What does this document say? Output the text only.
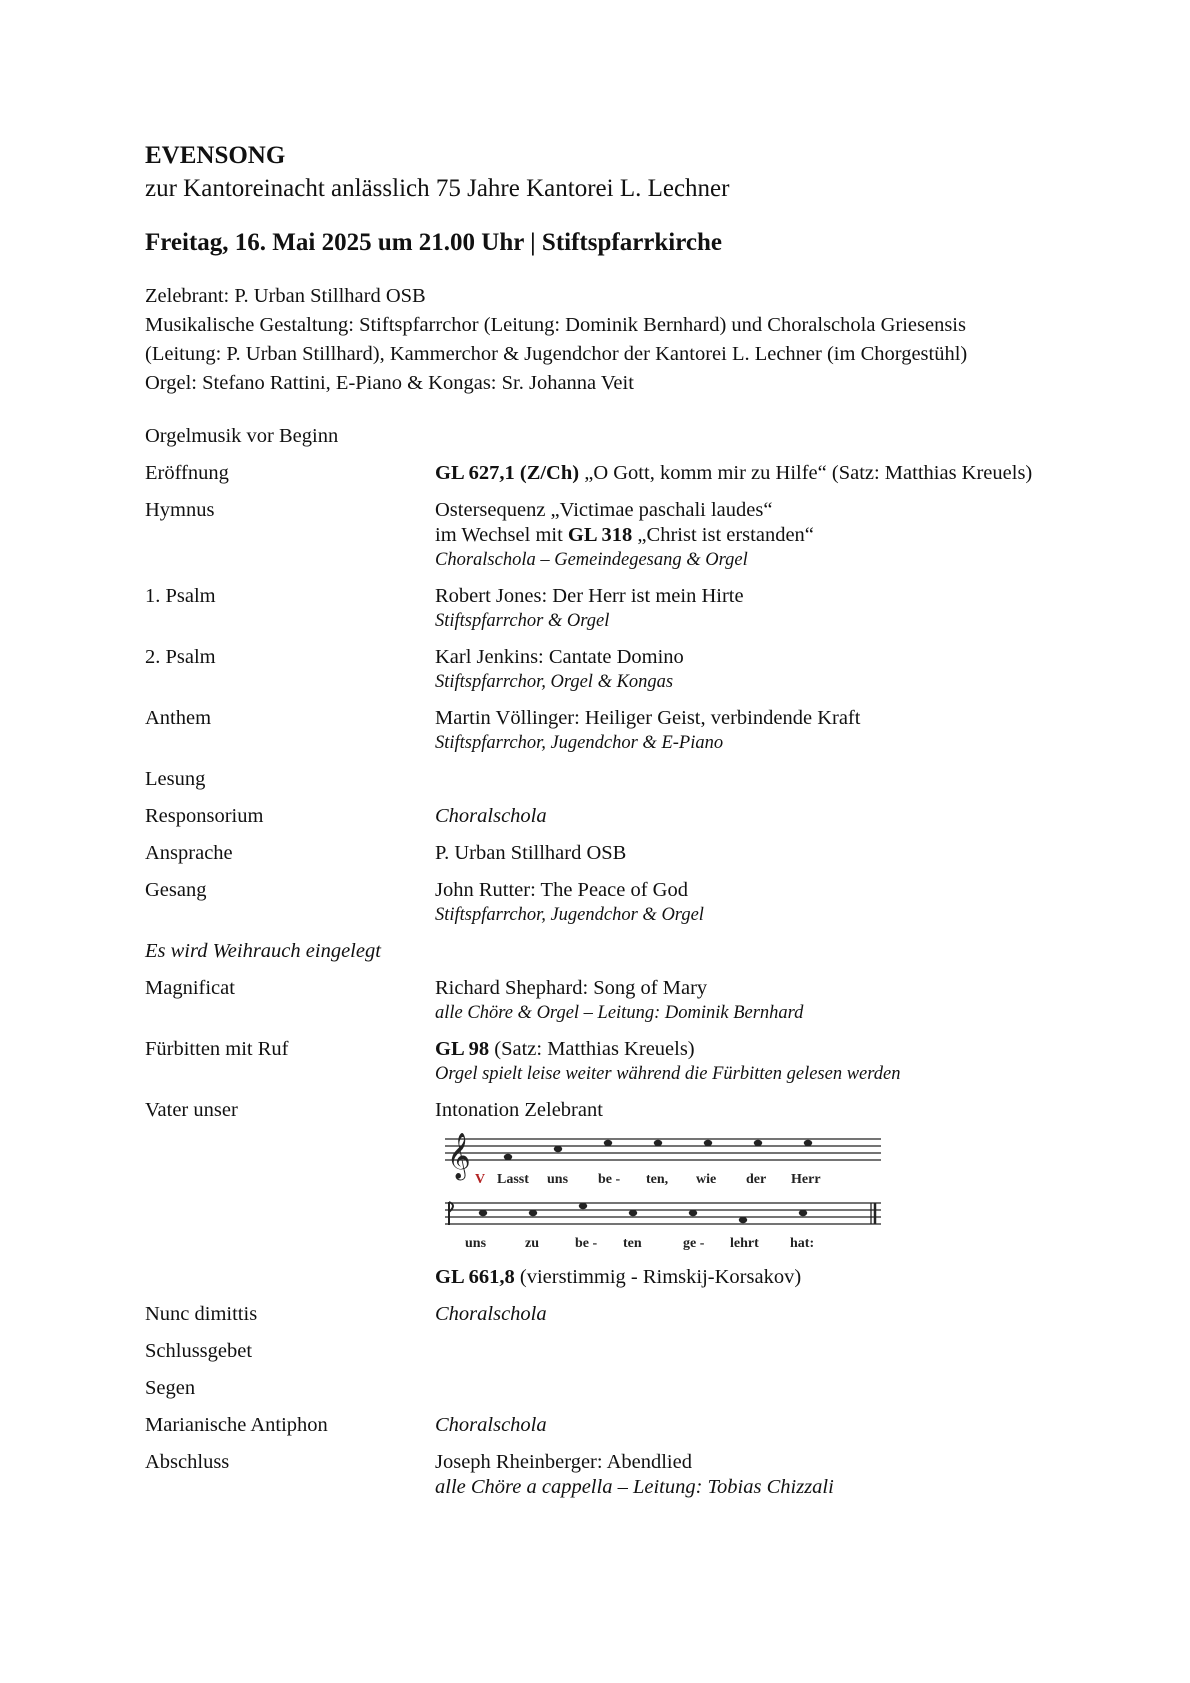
EVENSONG
zur Kantoreinacht anlässlich 75 Jahre Kantorei L. Lechner
Freitag, 16. Mai 2025 um 21.00 Uhr | Stiftspfarrkirche
Zelebrant: P. Urban Stillhard OSB
Musikalische Gestaltung: Stiftspfarrchor (Leitung: Dominik Bernhard) und Choralschola Griesensis
(Leitung: P. Urban Stillhard), Kammerchor & Jugendchor der Kantorei L. Lechner (im Chorgestühl)
Orgel: Stefano Rattini, E-Piano & Kongas: Sr. Johanna Veit
Orgelmusik vor Beginn
Eröffnung	GL 627,1 (Z/Ch) „O Gott, komm mir zu Hilfe“ (Satz: Matthias Kreuels)
Hymnus	Ostersequenz „Victimae paschali laudes“
im Wechsel mit GL 318 „Christ ist erstanden“
Choralschola – Gemeindegesang & Orgel
1. Psalm	Robert Jones: Der Herr ist mein Hirte
Stiftspfarrchor & Orgel
2. Psalm	Karl Jenkins: Cantate Domino
Stiftspfarrchor, Orgel & Kongas
Anthem	Martin Völlinger: Heiliger Geist, verbindende Kraft
Stiftspfarrchor, Jugendchor & E-Piano
Lesung
Responsorium	Choralschola
Ansprache	P. Urban Stillhard OSB
Gesang	John Rutter: The Peace of God
Stiftspfarrchor, Jugendchor & Orgel
Es wird Weihrauch eingelegt
Magnificat	Richard Shephard: Song of Mary
alle Chöre & Orgel – Leitung: Dominik Bernhard
Fürbitten mit Ruf	GL 98 (Satz: Matthias Kreuels)
Orgel spielt leise weiter während die Fürbitten gelesen werden
Vater unser	Intonation Zelebrant
𝄞
V Lasst uns be - ten, wie der Herr
uns	zu	be - ten	ge - lehrt hat:
GL 661,8 (vierstimmig - Rimskij-Korsakov)
Nunc dimittis	Choralschola
Schlussgebet
Segen
Marianische Antiphon	Choralschola
Abschluss	Joseph Rheinberger: Abendlied
alle Chöre a cappella – Leitung: Tobias Chizzali
